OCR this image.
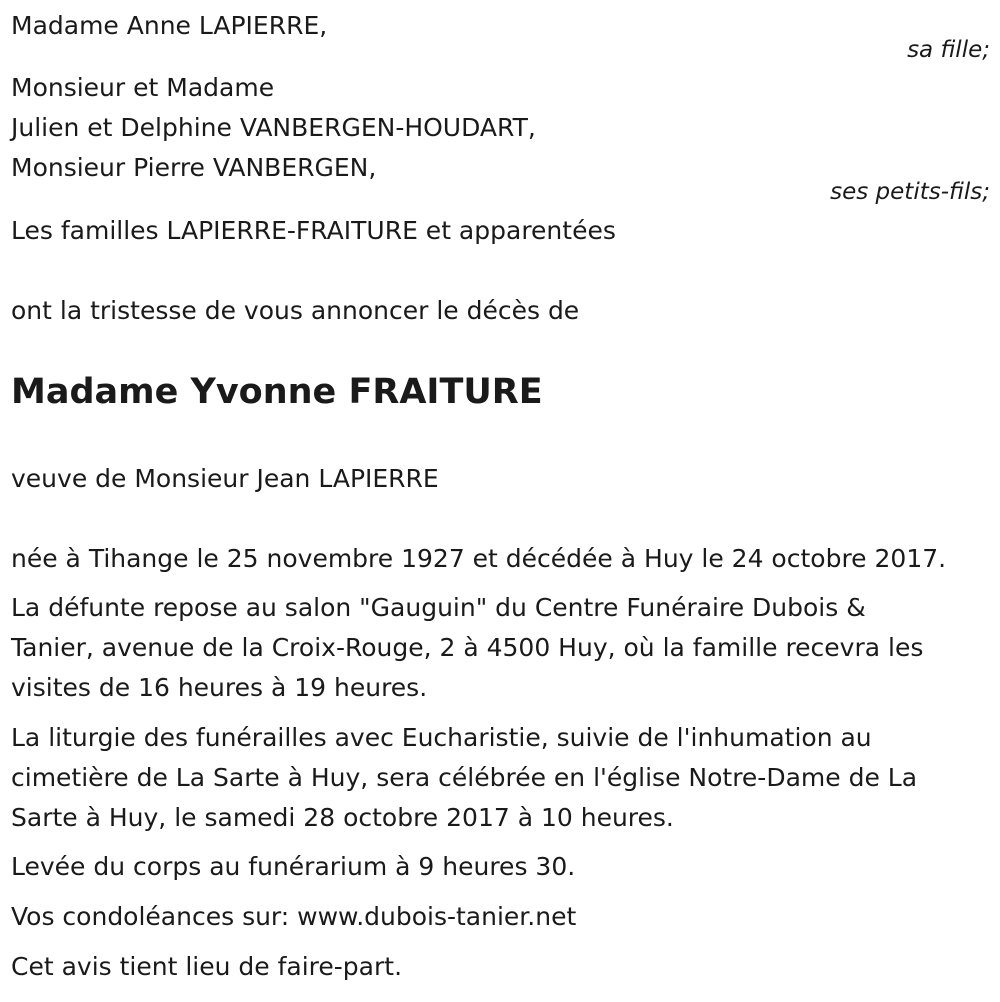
Madame Anne LAPIERRE,
sa fille;
Monsieur et Madame
Julien et Delphine VANBERGEN-HOUDART,
Monsieur Pierre VANBERGEN,
ses petits-fils;
Les familles LAPIERRE-FRAITURE et apparentées
ont la tristesse de vous annoncer le décès de
Madame Yvonne FRAITURE
veuve de Monsieur Jean LAPIERRE
née à Tihange le 25 novembre 1927 et décédée à Huy le 24 octobre 2017.
La défunte repose au salon "Gauguin" du Centre Funéraire Dubois &
Tanier, avenue de la Croix-Rouge, 2 à 4500 Huy, où la famille recevra les
visites de 16 heures à 19 heures.
La liturgie des funérailles avec Eucharistie, suivie de l'inhumation au
cimetière de La Sarte à Huy, sera célébrée en l'église Notre-Dame de La
Sarte à Huy, le samedi 28 octobre 2017 à 10 heures.
Levée du corps au funérarium à 9 heures 30.
Vos condoléances sur: www.dubois-tanier.net
Cet avis tient lieu de faire-part.
